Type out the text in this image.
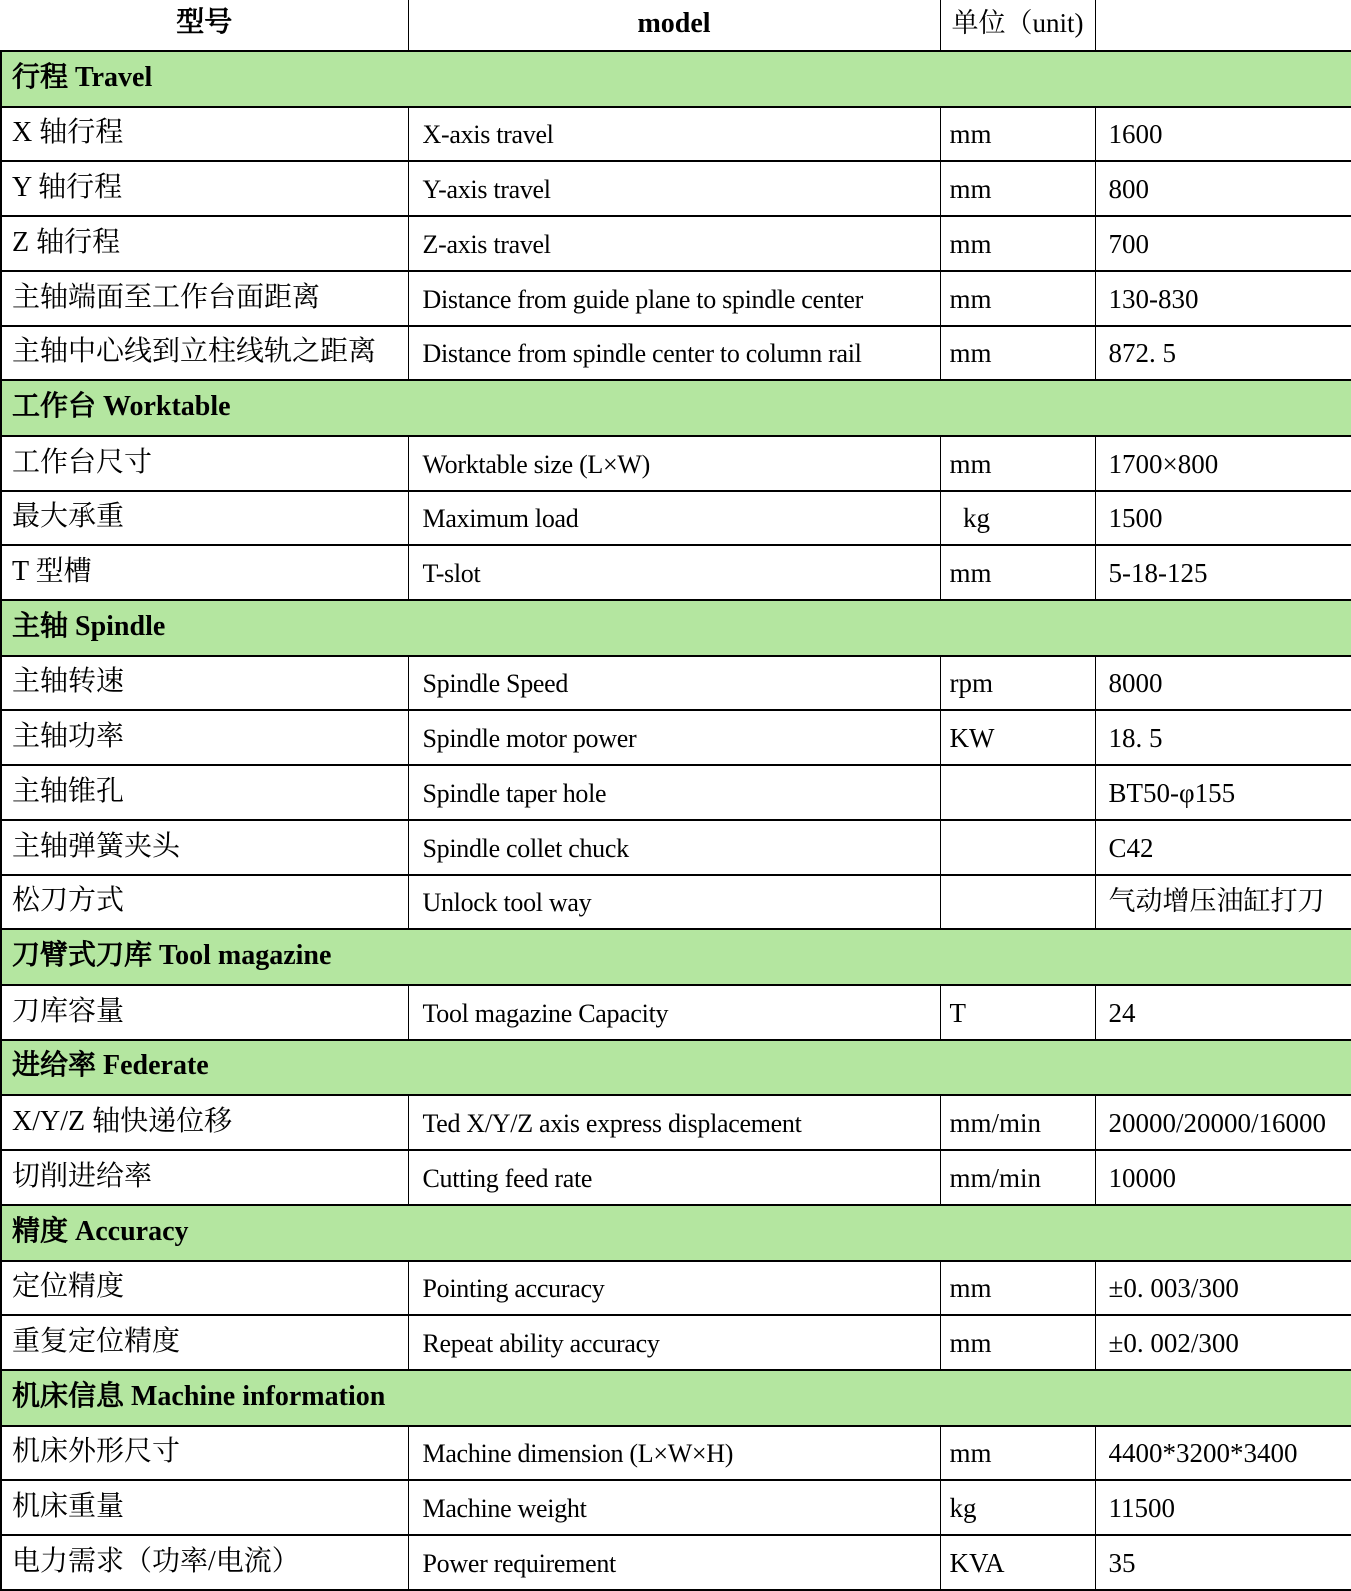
型号	model	单位（unit)	
行程 Travel			
X 轴行程	X-axis travel	mm	1600
Y 轴行程	Y-axis travel	mm	800
Z 轴行程	Z-axis travel	mm	700
主轴端面至工作台面距离	Distance from guide plane to spindle center	mm	130-830
主轴中心线到立柱线轨之距离	Distance from spindle center to column rail	mm	872. 5
工作台 Worktable			
工作台尺寸	Worktable size (L×W)	mm	1700×800
最大承重	Maximum load	kg	1500
T 型槽	T-slot	mm	5-18-125
主轴 Spindle			
主轴转速	Spindle Speed	rpm	8000
主轴功率	Spindle motor power	KW	18. 5
主轴锥孔	Spindle taper hole		BT50-φ155
主轴弹簧夹头	Spindle collet chuck		C42
松刀方式	Unlock tool way		气动增压油缸打刀
刀臂式刀库 Tool magazine			
刀库容量	Tool magazine Capacity	T	24
进给率 Federate			
X/Y/Z 轴快递位移	Ted X/Y/Z axis express displacement	mm/min	20000/20000/16000
切削进给率	Cutting feed rate	mm/min	10000
精度 Accuracy			
定位精度	Pointing accuracy	mm	±0. 003/300
重复定位精度	Repeat ability accuracy	mm	±0. 002/300
机床信息 Machine information			
机床外形尺寸	Machine dimension (L×W×H)	mm	4400*3200*3400
机床重量	Machine weight	kg	11500
电力需求（功率/电流）	Power requirement	KVA	35
